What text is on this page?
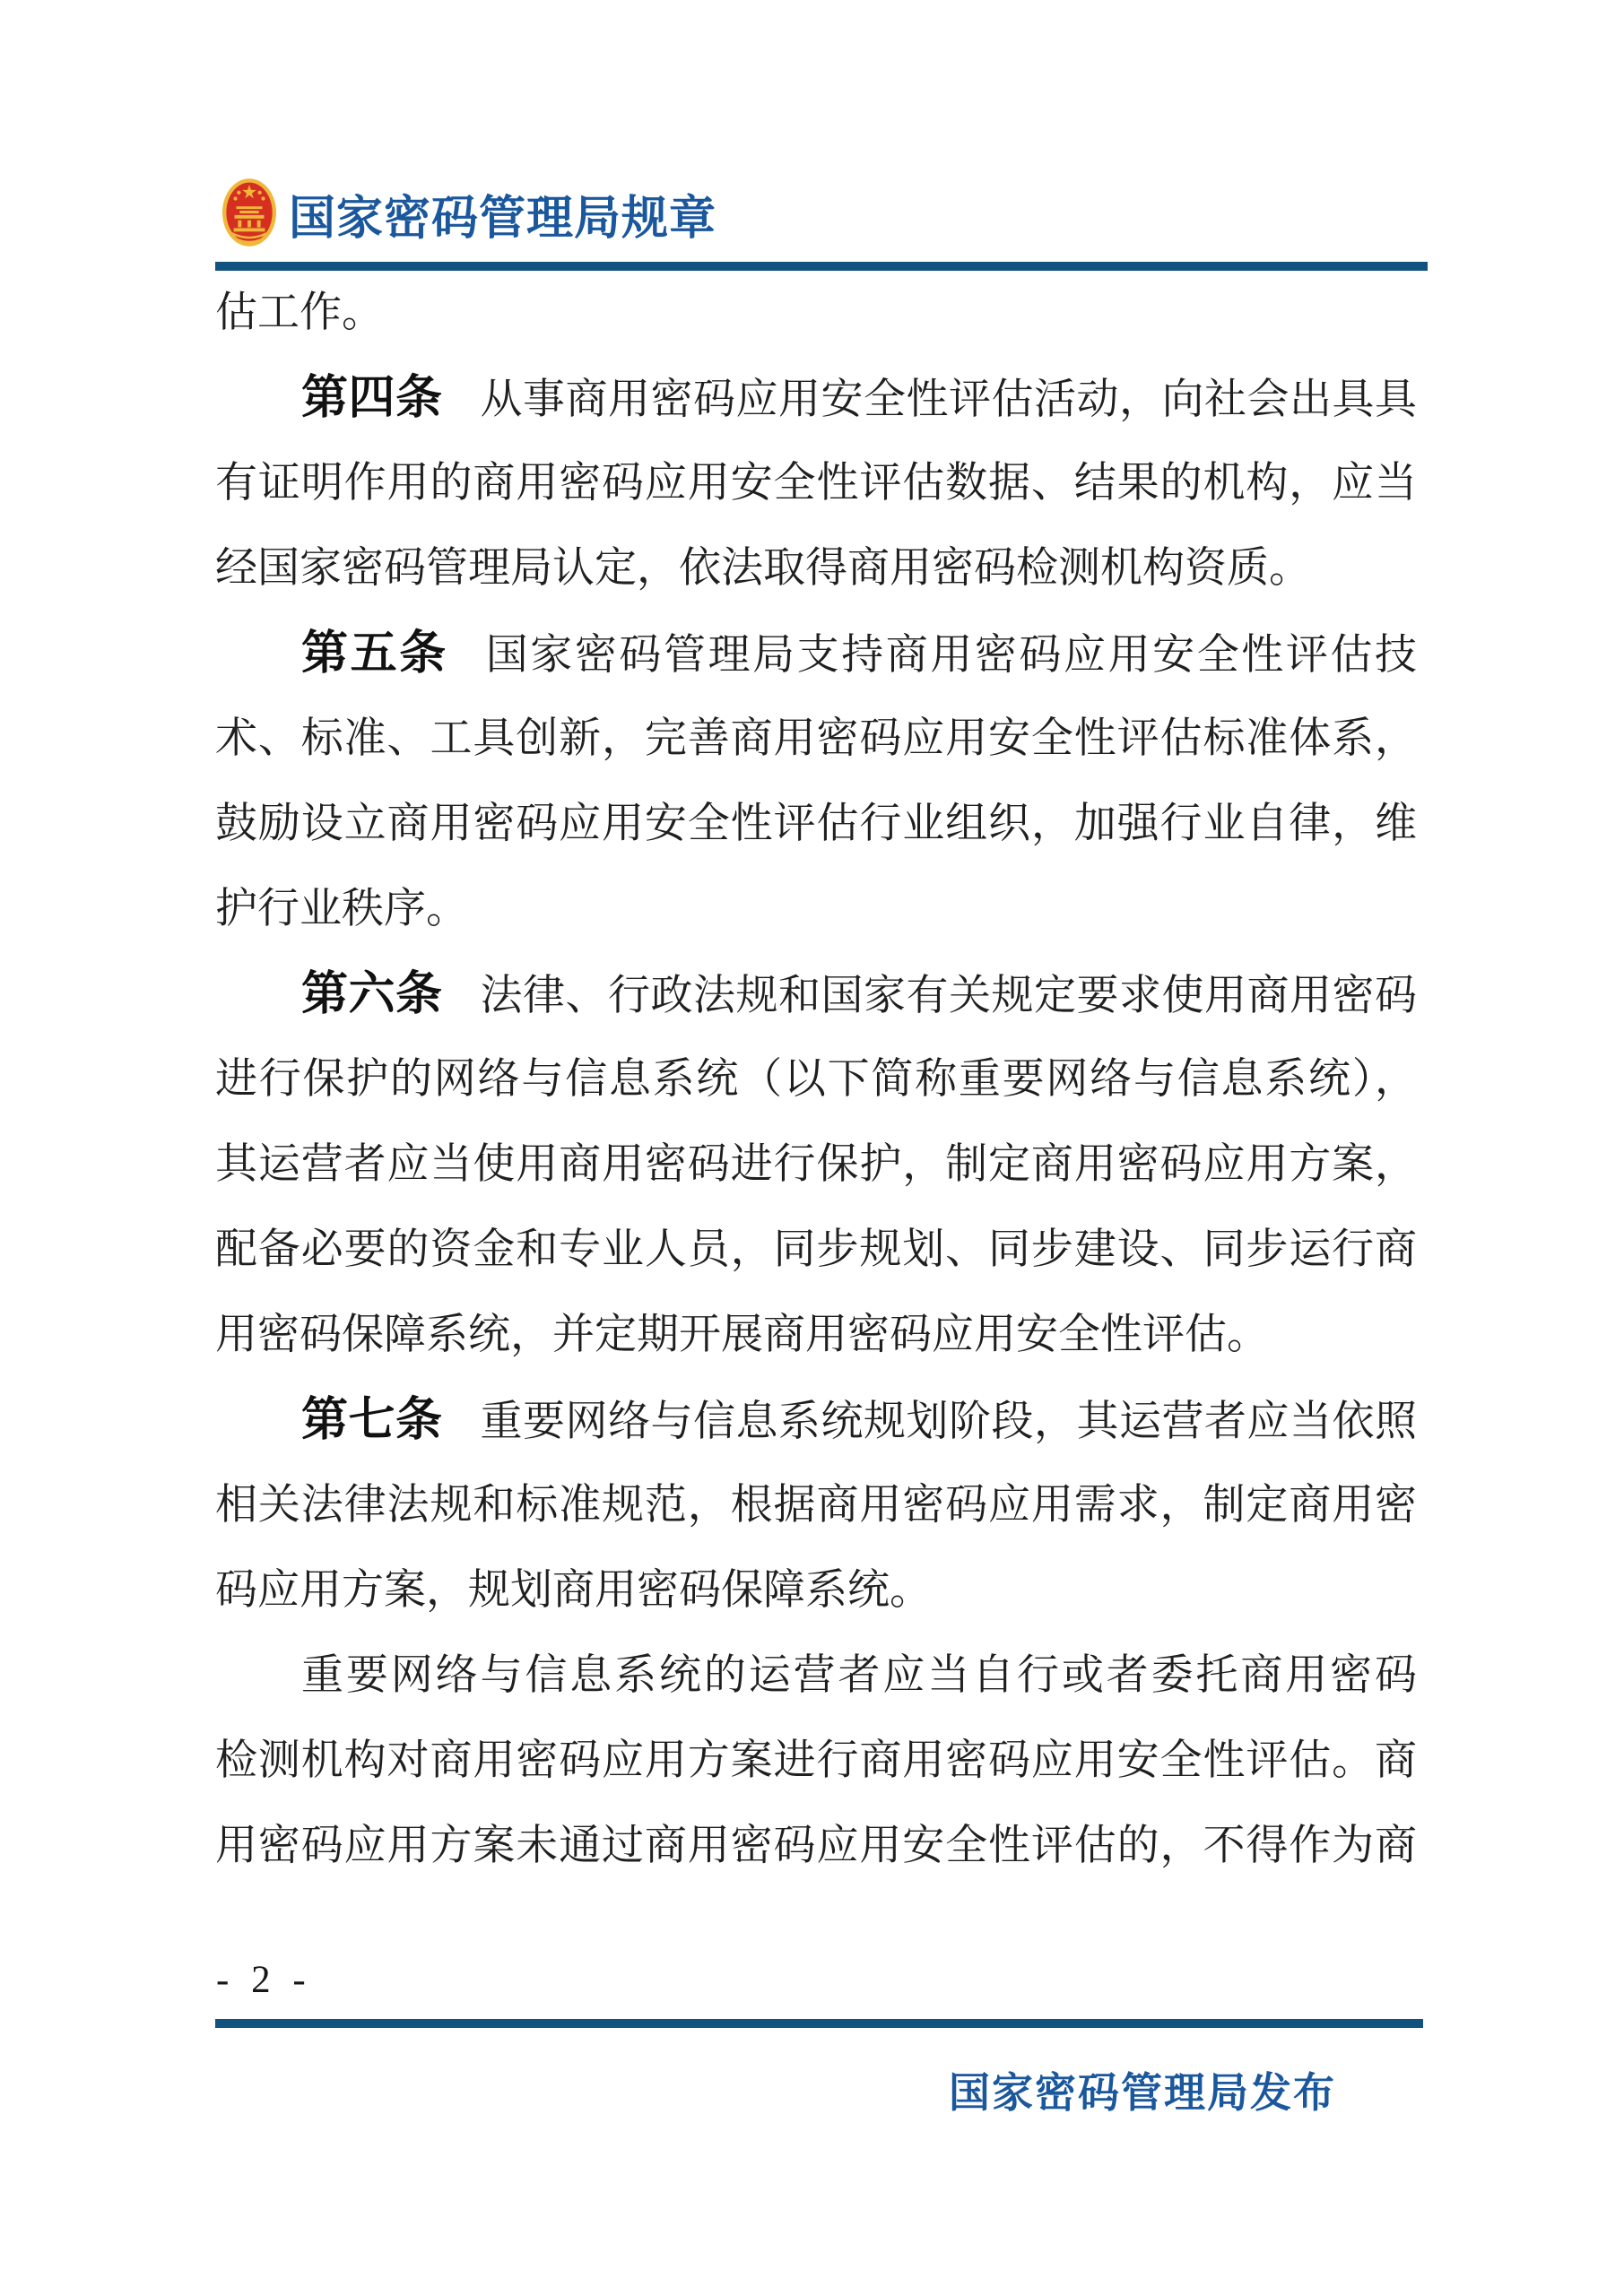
国家密码管理局规章
估工作。
第四条 从事商用密码应用安全性评估活动，向社会出具具
有证明作用的商用密码应用安全性评估数据、结果的机构，应当
经国家密码管理局认定，依法取得商用密码检测机构资质。
第五条 国家密码管理局支持商用密码应用安全性评估技
术、标准、工具创新，完善商用密码应用安全性评估标准体系，
鼓励设立商用密码应用安全性评估行业组织，加强行业自律，维
护行业秩序。
第六条 法律、行政法规和国家有关规定要求使用商用密码
进行保护的网络与信息系统（以下简称重要网络与信息系统），
其运营者应当使用商用密码进行保护，制定商用密码应用方案，
配备必要的资金和专业人员，同步规划、同步建设、同步运行商
用密码保障系统，并定期开展商用密码应用安全性评估。
第七条 重要网络与信息系统规划阶段，其运营者应当依照
相关法律法规和标准规范，根据商用密码应用需求，制定商用密
码应用方案，规划商用密码保障系统。
重要网络与信息系统的运营者应当自行或者委托商用密码
检测机构对商用密码应用方案进行商用密码应用安全性评估。商
用密码应用方案未通过商用密码应用安全性评估的，不得作为商
- 2 -
国家密码管理局发布
